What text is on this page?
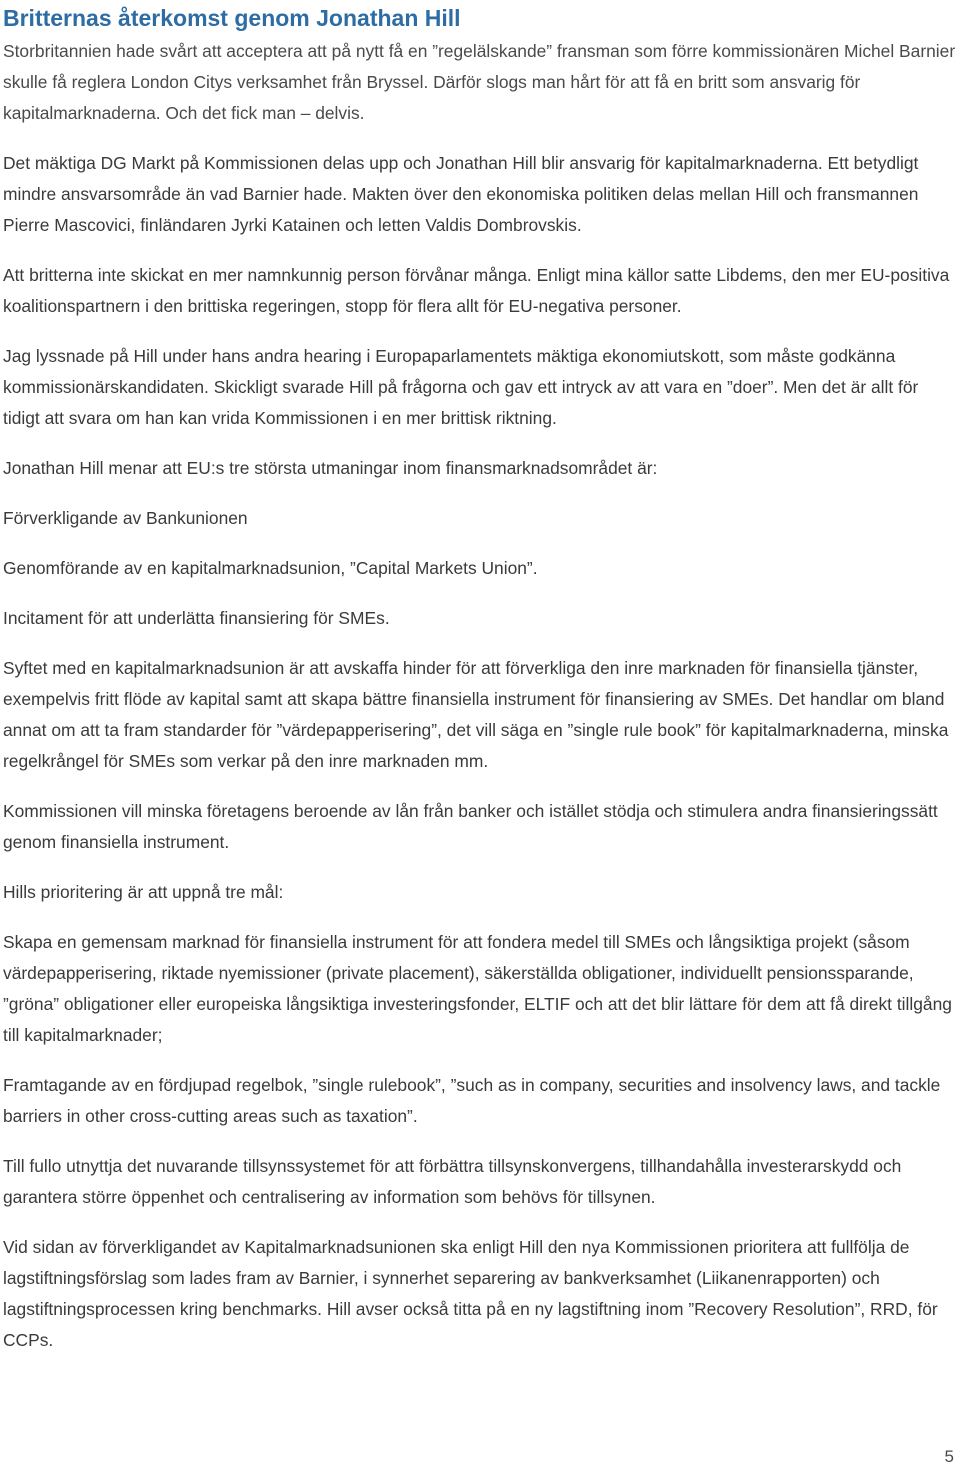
Britternas återkomst genom Jonathan Hill

Storbritannien hade svårt att acceptera att på nytt få en ”regelälskande” fransman som förre kommissionären Michel Barnier skulle få reglera London Citys verksamhet från Bryssel. Därför slogs man hårt för att få en britt som ansvarig för kapitalmarknaderna. Och det fick man – delvis.

Det mäktiga DG Markt på Kommissionen delas upp och Jonathan Hill blir ansvarig för kapitalmarknaderna. Ett betydligt mindre ansvarsområde än vad Barnier hade. Makten över den ekonomiska politiken delas mellan Hill och fransmannen Pierre Mascovici, finländaren Jyrki Katainen och letten Valdis Dombrovskis.

Att britterna inte skickat en mer namnkunnig person förvånar många. Enligt mina källor satte Libdems, den mer EU-positiva koalitionspartnern i den brittiska regeringen, stopp för flera allt för EU-negativa personer.

Jag lyssnade på Hill under hans andra hearing i Europaparlamentets mäktiga ekonomiutskott, som måste godkänna kommissionärskandidaten. Skickligt svarade Hill på frågorna och gav ett intryck av att vara en ”doer”. Men det är allt för tidigt att svara om han kan vrida Kommissionen i en mer brittisk riktning.

Jonathan Hill menar att EU:s tre största utmaningar inom finansmarknadsområdet är:

Förverkligande av Bankunionen

Genomförande av en kapitalmarknadsunion, ”Capital Markets Union”.

Incitament för att underlätta finansiering för SMEs.

Syftet med en kapitalmarknadsunion är att avskaffa hinder för att förverkliga den inre marknaden för finansiella tjänster, exempelvis fritt flöde av kapital samt att skapa bättre finansiella instrument för finansiering av SMEs. Det handlar om bland annat om att ta fram standarder för ”värdepapperisering”, det vill säga en ”single rule book” för kapitalmarknaderna, minska regelkrångel för SMEs som verkar på den inre marknaden mm.

Kommissionen vill minska företagens beroende av lån från banker och istället stödja och stimulera andra finansieringssätt genom finansiella instrument.

Hills prioritering är att uppnå tre mål:

Skapa en gemensam marknad för finansiella instrument för att fondera medel till SMEs och långsiktiga projekt (såsom värdepapperisering, riktade nyemissioner (private placement), säkerställda obligationer, individuellt pensionssparande, ”gröna” obligationer eller europeiska långsiktiga investeringsfonder, ELTIF och att det blir lättare för dem att få direkt tillgång till kapitalmarknader;

Framtagande av en fördjupad regelbok, ”single rulebook”, ”such as in company, securities and insolvency laws, and tackle barriers in other cross-cutting areas such as taxation”.

Till fullo utnyttja det nuvarande tillsynssystemet för att förbättra tillsynskonvergens, tillhandahålla investerarskydd och garantera större öppenhet och centralisering av information som behövs för tillsynen.

Vid sidan av förverkligandet av Kapitalmarknadsunionen ska enligt Hill den nya Kommissionen prioritera att fullfölja de lagstiftningsförslag som lades fram av Barnier, i synnerhet separering av bankverksamhet (Liikanenrapporten) och lagstiftningsprocessen kring benchmarks. Hill avser också titta på en ny lagstiftning inom ”Recovery Resolution”, RRD, för CCPs.

5
